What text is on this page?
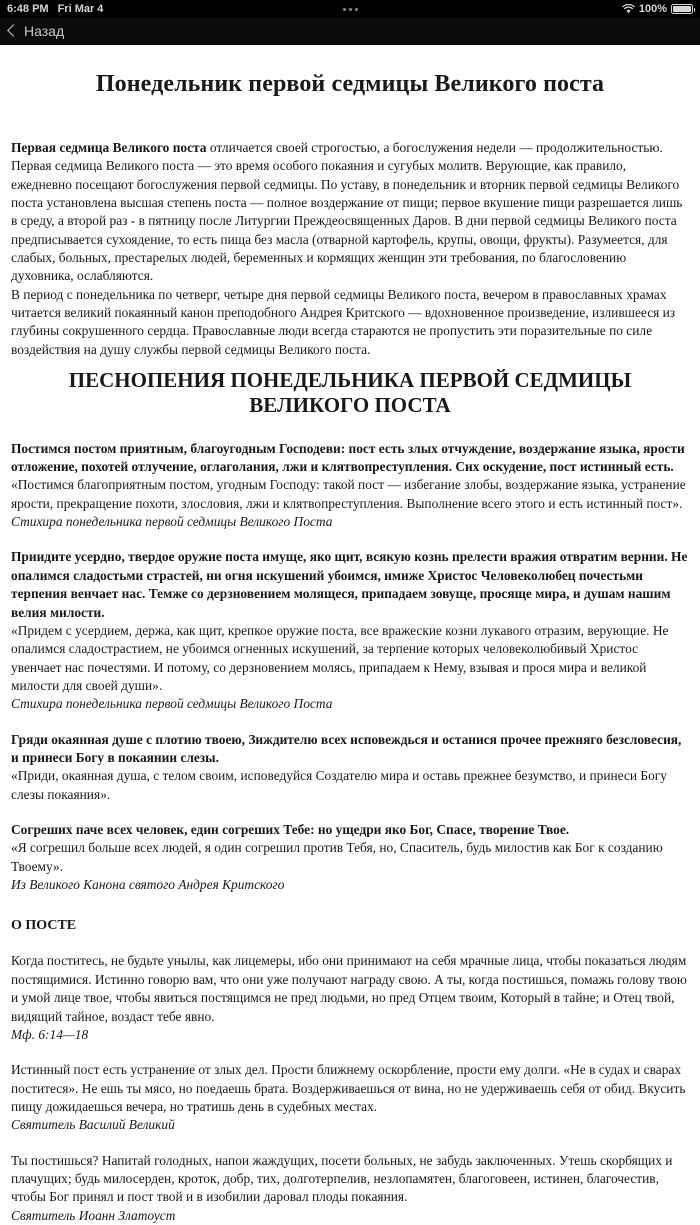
6:48 PM Fri Mar 4	100%
Назад
Понедельник первой седмицы Великого поста

Первая седмица Великого поста отличается своей строгостью, а богослужения недели — продолжительностью.

Первая седмица Великого поста — это время особого покаяния и сугубых молитв. Верующие, как правило, ежедневно посещают богослужения первой седмицы. По уставу, в понедельник и вторник первой седмицы Великого поста установлена высшая степень поста — полное воздержание от пищи; первое вкушение пищи разрешается лишь в среду, а второй раз - в пятницу после Литургии Преждеосвященных Даров. В дни первой седмицы Великого поста предписывается сухоядение, то есть пища без масла (отварной картофель, крупы, овощи, фрукты). Разумеется, для слабых, больных, престарелых людей, беременных и кормящих женщин эти требования, по благословению духовника, ослабляются.

В период с понедельника по четверг, четыре дня первой седмицы Великого поста, вечером в православных храмах читается великий покаянный канон преподобного Андрея Критского — вдохновенное произведение, излившееся из глубины сокрушенного сердца. Православные люди всегда стараются не пропустить эти поразительные по силе воздействия на душу службы первой седмицы Великого поста.

ПЕСНОПЕНИЯ ПОНЕДЕЛЬНИКА ПЕРВОЙ СЕДМИЦЫ ВЕЛИКОГО ПОСТА

Постимся постом приятным, благоугодным Господеви: пост есть злых отчуждение, воздержание языка, ярости отложение, похотей отлучение, оглаголания, лжи и клятвопреступления. Сих оскудение, пост истинный есть.

«Постимся благоприятным постом, угодным Господу: такой пост — избегание злобы, воздержание языка, устранение ярости, прекращение похоти, злословия, лжи и клятвопреступления. Выполнение всего этого и есть истинный пост».

Стихира понедельника первой седмицы Великого Поста

Приидите усердно, твердое оружие поста имуще, яко щит, всякую кознь прелести вражия отвратим вернии. Не опалимся сладостьми страстей, ни огня искушений убоимся, имиже Христос Человеколюбец почестьми терпения венчает нас. Темже со дерзновением молящеся, припадаем зовуще, просяще мира, и душам нашим велия милости.

«Придем с усердием, держа, как щит, крепкое оружие поста, все вражеские козни лукавого отразим, верующие. Не опалимся сладострастием, не убоимся огненных искушений, за терпение которых человеколюбивый Христос увенчает нас почестями. И потому, со дерзновением молясь, припадаем к Нему, взывая и прося мира и великой милости для своей души».

Стихира понедельника первой седмицы Великого Поста

Гряди окаянная душе с плотию твоею, Зиждителю всех исповеждься и останися прочее прежняго безсловесия, и принеси Богу в покаянии слезы.

«Приди, окаянная душа, с телом своим, исповедуйся Создателю мира и оставь прежнее безумство, и принеси Богу слезы покаяния».

Согреших паче всех человек, един согреших Тебе: но ущедри яко Бог, Спасе, творение Твое.

«Я согрешил больше всех людей, я один согрешил против Тебя, но, Спаситель, будь милостив как Бог к созданию Твоему».

Из Великого Канона святого Андрея Критского

О ПОСТЕ

Когда поститесь, не будьте унылы, как лицемеры, ибо они принимают на себя мрачные лица, чтобы показаться людям постящимися. Истинно говорю вам, что они уже получают награду свою. А ты, когда постишься, помажь голову твою и умой лице твое, чтобы явиться постящимся не пред людьми, но пред Отцем твоим, Который в тайне; и Отец твой, видящий тайное, воздаст тебе явно.

Мф. 6:14—18

Истинный пост есть устранение от злых дел. Прости ближнему оскорбление, прости ему долги. «Не в судах и сварах поститеся». Не ешь ты мясо, но поедаешь брата. Воздерживаешься от вина, но не удерживаешь себя от обид. Вкусить пищу дожидаешься вечера, но тратишь день в судебных местах.

Святитель Василий Великий

Ты постишься? Напитай голодных, напои жаждущих, посети больных, не забудь заключенных. Утешь скорбящих и плачущих; будь милосерден, кроток, добр, тих, долготерпелив, незлопамятен, благоговеен, истинен, благочестив, чтобы Бог принял и пост твой и в изобилии даровал плоды покаяния.

Святитель Иоанн Златоуст
